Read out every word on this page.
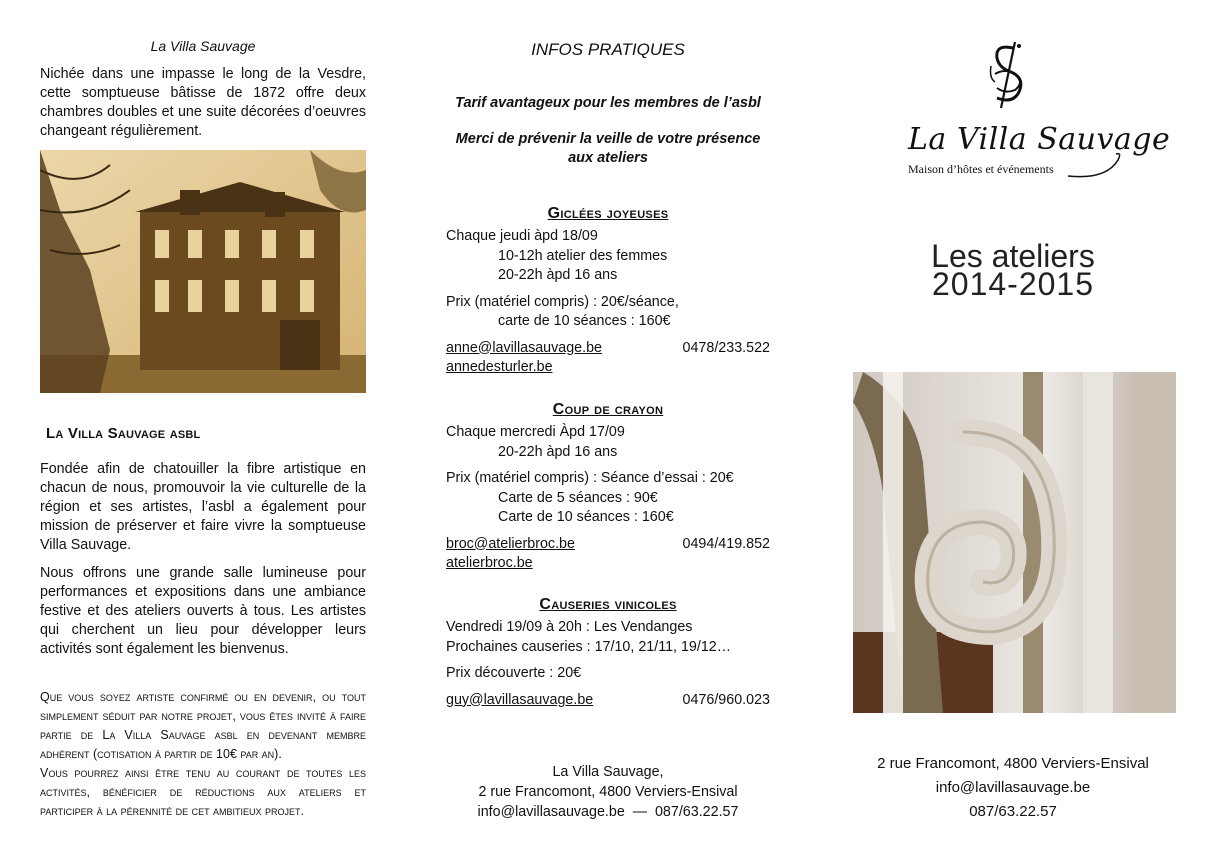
La Villa Sauvage

Nichée dans une impasse le long de la Vesdre, cette somptueuse bâtisse de 1872 offre deux chambres doubles et une suite décorées d’oeuvres changeant régulièrement.

La Villa Sauvage asbl

Fondée afin de chatouiller la fibre artistique en chacun de nous, promouvoir la vie culturelle de la région et ses artistes, l’asbl a également pour mission de préserver et faire vivre la somptueuse Villa Sauvage.

Nous offrons une grande salle lumineuse pour performances et expositions dans une ambiance festive et des ateliers ouverts à tous. Les artistes qui cherchent un lieu pour développer leurs activités sont également les bienvenus.

Que vous soyez artiste confirmé ou en devenir, ou tout simplement séduit par notre projet, vous êtes invité à faire partie de La Villa Sauvage asbl en devenant membre adhérent (cotisation à partir de 10€ par an).

Vous pourrez ainsi être tenu au courant de toutes les activités, bénéficier de réductions aux ateliers et participer à la pérennité de cet ambitieux projet.

INFOS PRATIQUES
Tarif avantageux pour les membres de l’asbl
Merci de prévenir la veille de votre présence
aux ateliers
Giclées joyeuses
Chaque jeudi àpd 18/09
10-12h atelier des femmes
20-22h àpd 16 ans
Prix (matériel compris) : 20€/séance,
carte de 10 séances : 160€
anne@lavillasauvage.be	0478/233.522
annedesturler.be
Coup de crayon
Chaque mercredi Àpd 17/09
20-22h àpd 16 ans
Prix (matériel compris) : Séance d’essai : 20€
Carte de 5 séances : 90€
Carte de 10 séances : 160€
broc@atelierbroc.be	0494/419.852
atelierbroc.be
Causeries vinicoles
Vendredi 19/09 à 20h : Les Vendanges
Prochaines causeries : 17/10, 21/11, 19/12…
Prix découverte : 20€
guy@lavillasauvage.be	0476/960.023
La Villa Sauvage,
2 rue Francomont, 4800 Verviers-Ensival
info@lavillasauvage.be  —  087/63.22.57
La Villa Sauvage
Maison d’hôtes et événements
Les ateliers
2014-2015
2 rue Francomont, 4800 Verviers-Ensival
info@lavillasauvage.be
087/63.22.57
